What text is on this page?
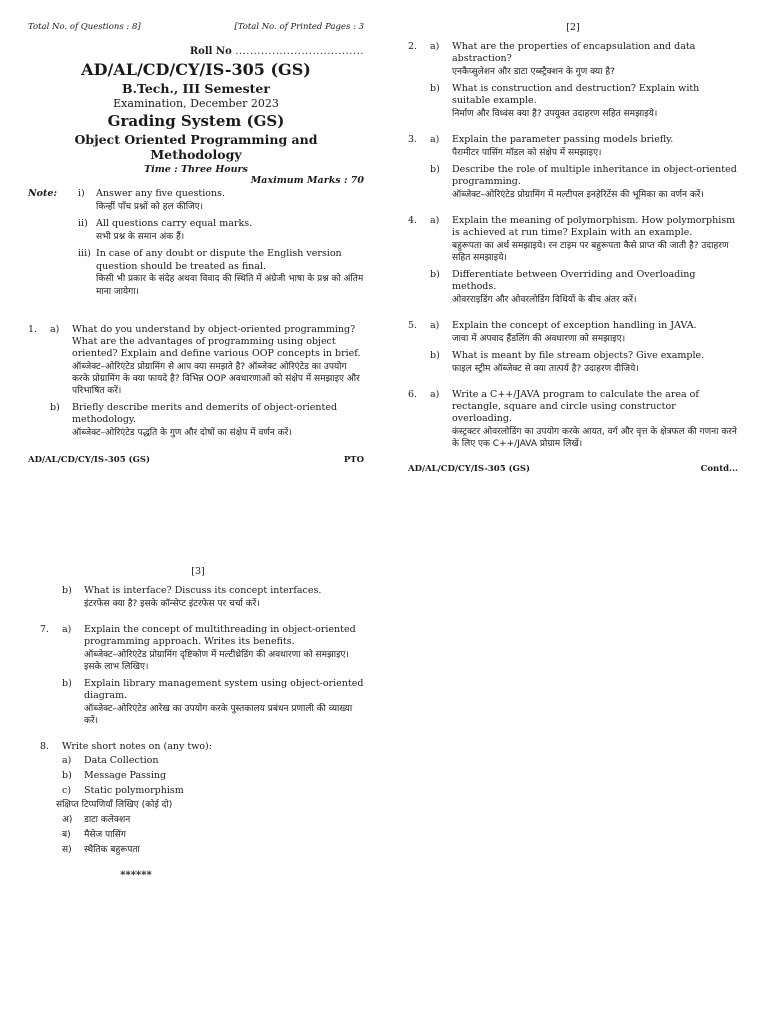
Total No. of Questions : 8]	[Total No. of Printed Pages : 3
Roll No ...................................
AD/AL/CD/CY/IS-305 (GS)
B.Tech., III Semester
Examination, December 2023
Grading System (GS)
Object Oriented Programming and Methodology
Time : Three Hours
Maximum Marks : 70
Note:	i)	Answer any five questions.
किन्हीं पाँच प्रश्नों को हल कीजिए।
ii) All questions carry equal marks.
सभी प्रश्न के समान अंक हैं।
iii) In case of any doubt or dispute the English version question should be treated as final.
किसी भी प्रकार के संदेह अथवा विवाद की स्थिति में अंग्रेजी भाषा के प्रश्न को अंतिम माना जायेगा।
1.	a)	What do you understand by object-oriented programming? What are the advantages of programming using object oriented? Explain and define various OOP concepts in brief.
ऑब्जेक्ट–ओरिएंटेड प्रोग्रामिंग से आप क्या समझते है? ऑब्जेक्ट ओरिएंटेड का उपयोग करके प्रोग्रामिंग के क्या फायदे है? विभिन्न OOP अवधारणाओं को संक्षेप में समझाइए और परिभाषित करें।
b)	Briefly describe merits and demerits of object-oriented methodology.
ऑब्जेक्ट–ओरिएंटेड पद्धति के गुण और दोषों का संक्षेप में वर्णन करें।
AD/AL/CD/CY/IS-305 (GS)	PTO
[2]
2.	a)	What are the properties of encapsulation and data abstraction?
एनकैप्सुलेशन और डाटा एब्स्ट्रैक्शन के गुण क्या है?
b)	What is construction and destruction? Explain with suitable example.
निर्माण और विध्वंस क्या है? उपयुक्त उदाहरण सहित समझाइये।
3.	a)	Explain the parameter passing models briefly.
पैरामीटर पासिंग मॉडल को संक्षेप में समझाइए।
b)	Describe the role of multiple inheritance in object-oriented programming.
ऑब्जेक्ट–ओरिएंटेड प्रोग्रामिंग में मल्टीपल इनहेरिटेंस की भूमिका का वर्णन करें।
4.	a)	Explain the meaning of polymorphism. How polymorphism is achieved at run time? Explain with an example.
बहुरूपता का अर्थ समझाइये। रन टाइम पर बहुरूपता कैसे प्राप्त की जाती है? उदाहरण सहित समझाइये।
b)	Differentiate between Overriding and Overloading methods.
ओवरराइडिंग और ओवरलोडिंग विधियों के बीच अंतर करें।
5.	a)	Explain the concept of exception handling in JAVA.
जावा में अपवाद हैंडलिंग की अवधारणा को समझाइए।
b)	What is meant by file stream objects? Give example.
फाइल स्ट्रीम ऑब्जेक्ट से क्या तात्पर्य है? उदाहरण दीजिये।
6.	a)	Write a C++/JAVA program to calculate the area of rectangle, square and circle using constructor overloading.
कंस्ट्रक्टर ओवरलोडिंग का उपयोग करके आयत, वर्ग और वृत्त के क्षेत्रफल की गणना करने के लिए एक C++/JAVA प्रोग्राम लिखें।
AD/AL/CD/CY/IS-305 (GS)	Contd...
[3]
b)	What is interface? Discuss its concept interfaces.
इंटरफेस क्या है? इसके कॉन्सेप्ट इंटरफेस पर चर्चा करें।
7.	a)	Explain the concept of multithreading in object-oriented programming approach. Writes its benefits.
ऑब्जेक्ट–ओरिएंटेड प्रोग्रामिंग दृष्टिकोण में मल्टीथ्रेडिंग की अवधारणा को समझाइए। इसके लाभ लिखिए।
b)	Explain library management system using object-oriented diagram.
ऑब्जेक्ट–ओरिएंटेड आरेख का उपयोग करके पुस्तकालय प्रबंधन प्रणाली की व्याख्या करें।
8.	Write short notes on (any two):
a)	Data Collection
b)	Message Passing
c)	Static polymorphism
संक्षिप्त टिप्पणियाँ लिखिए (कोई दो)
अ)	डाटा कलेक्शन
ब)	मैसेज पासिंग
स)	स्थैतिक बहुरूपता
******
